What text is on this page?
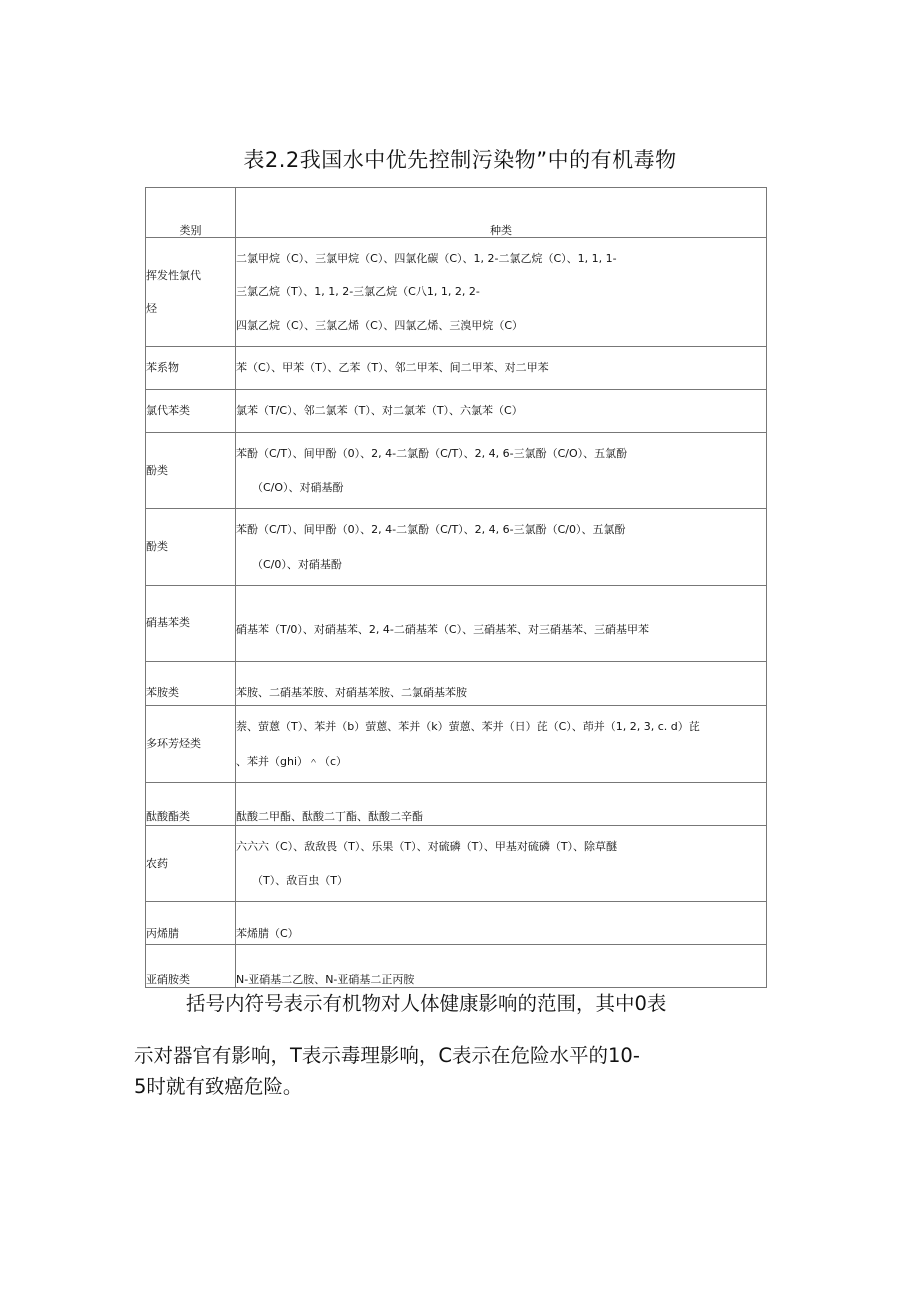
表2.2我国水中优先控制污染物”中的有机毒物
类别	种类

挥发性氯代
烃	二氯甲烷（C）、三氯甲烷（C）、四氯化碳（C）、1, 2-二氯乙烷（C）、1, 1, 1-
三氯乙烷（T）、1, 1, 2-三氯乙烷（C八1, 1, 2, 2-
四氯乙烷（C）、三氯乙烯（C）、四氯乙烯、三溴甲烷（C）

苯系物	苯（C）、甲苯（T）、乙苯（T）、邻二甲苯、间二甲苯、对二甲苯

氯代苯类	氯苯（T/C）、邻二氯苯（T）、对二氯苯（T）、六氯苯（C）

酚类	苯酚（C/T）、间甲酚（0）、2, 4-二氯酚（C/T）、2, 4, 6-三氯酚（C/O）、五氯酚
（C/O）、对硝基酚

酚类	苯酚（C/T）、间甲酚（0）、2, 4-二氯酚（C/T）、2, 4, 6-三氯酚（C/0）、五氯酚
（C/0）、对硝基酚

硝基苯类	硝基苯（T/0）、对硝基苯、2, 4-二硝基苯（C）、三硝基苯、对三硝基苯、三硝基甲苯

苯胺类	苯胺、二硝基苯胺、对硝基苯胺、二氯硝基苯胺

多环芳烃类	萘、萤蒽（T）、苯并（b）萤蒽、苯并（k）萤蒽、苯并（日）芘（C）、茚并（1, 2, 3, c. d）芘
、苯并（ghi）＾（c）

酞酸酯类	酞酸二甲酯、酞酸二丁酯、酞酸二辛酯

农药	六六六（C）、敌敌畏（T）、乐果（T）、对硫磷（T）、甲基对硫磷（T）、除草醚
（T）、敌百虫（T）

丙烯腈	苯烯腈（C）

亚硝胺类	N-亚硝基二乙胺、N-亚硝基二正丙胺
括号内符号表示有机物对人体健康影响的范围，其中0表
示对器官有影响，T表示毒理影响，C表示在危险水平的10-
5时就有致癌危险。
